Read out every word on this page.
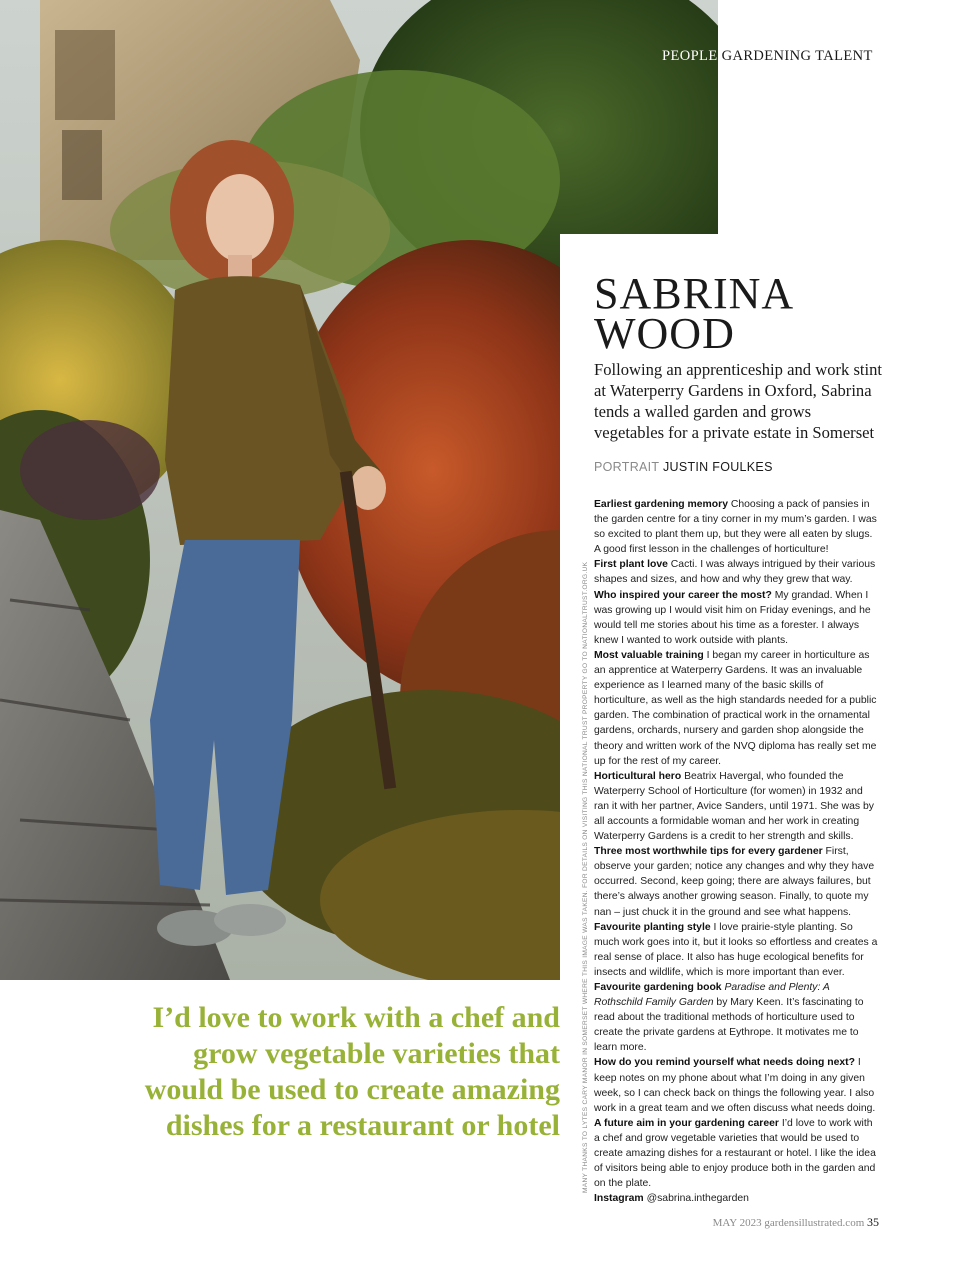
PEOPLE GARDENING TALENT
SABRINA WOOD

Following an apprenticeship and work stint at Waterperry Gardens in Oxford, Sabrina tends a walled garden and grows vegetables for a private estate in Somerset

PORTRAIT JUSTIN FOULKES

Earliest gardening memory Choosing a pack of pansies in the garden centre for a tiny corner in my mum’s garden. I was so excited to plant them up, but they were all eaten by slugs. A good first lesson in the challenges of horticulture!

First plant love Cacti. I was always intrigued by their various shapes and sizes, and how and why they grew that way.

Who inspired your career the most? My grandad. When I was growing up I would visit him on Friday evenings, and he would tell me stories about his time as a forester. I always knew I wanted to work outside with plants.

Most valuable training I began my career in horticulture as an apprentice at Waterperry Gardens. It was an invaluable experience as I learned many of the basic skills of horticulture, as well as the high standards needed for a public garden. The combination of practical work in the ornamental gardens, orchards, nursery and garden shop alongside the theory and written work of the NVQ diploma has really set me up for the rest of my career.

Horticultural hero Beatrix Havergal, who founded the Waterperry School of Horticulture (for women) in 1932 and ran it with her partner, Avice Sanders, until 1971. She was by all accounts a formidable woman and her work in creating Waterperry Gardens is a credit to her strength and skills.

Three most worthwhile tips for every gardener First, observe your garden; notice any changes and why they have occurred. Second, keep going; there are always failures, but there’s always another growing season. Finally, to quote my nan – just chuck it in the ground and see what happens.

Favourite planting style I love prairie-style planting. So much work goes into it, but it looks so effortless and creates a real sense of place. It also has huge ecological benefits for insects and wildlife, which is more important than ever.

Favourite gardening book Paradise and Plenty: A Rothschild Family Garden by Mary Keen. It’s fascinating to read about the traditional methods of horticulture used to create the private gardens at Eythrope. It motivates me to learn more.

How do you remind yourself what needs doing next? I keep notes on my phone about what I’m doing in any given week, so I can check back on things the following year. I also work in a great team and we often discuss what needs doing.

A future aim in your gardening career I’d love to work with a chef and grow vegetable varieties that would be used to create amazing dishes for a restaurant or hotel. I like the idea of visitors being able to enjoy produce both in the garden and on the plate.

Instagram @sabrina.inthegarden

I’d love to work with a chef and grow vegetable varieties that would be used to create amazing dishes for a restaurant or hotel	MANY THANKS TO LYTES CARY MANOR IN SOMERSET WHERE THIS IMAGE WAS TAKEN. FOR DETAILS ON VISITING THIS NATIONAL TRUST PROPERTY GO TO NATIONALTRUST.ORG.UK
MAY 2023 gardensillustrated.com 35
